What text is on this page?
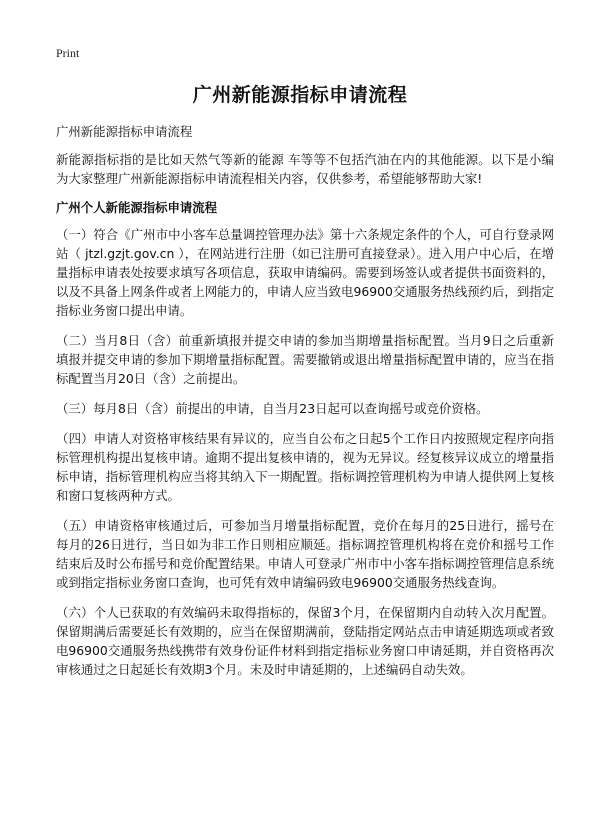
Print
广州新能源指标申请流程

广州新能源指标申请流程

新能源指标指的是比如天然气等新的能源 车等等不包括汽油在内的其他能源。以下是小编为大家整理广州新能源指标申请流程相关内容，仅供参考，希望能够帮助大家!

广州个人新能源指标申请流程

（一）符合《广州市中小客车总量调控管理办法》第十六条规定条件的个人，可自行登录网站（ jtzl.gzjt.gov.cn ），在网站进行注册（如已注册可直接登录）。进入用户中心后，在增量指标申请表处按要求填写各项信息，获取申请编码。需要到场签认或者提供书面资料的，以及不具备上网条件或者上网能力的，申请人应当致电96900交通服务热线预约后，到指定指标业务窗口提出申请。

（二）当月8日（含）前重新填报并提交申请的参加当期增量指标配置。当月9日之后重新填报并提交申请的参加下期增量指标配置。需要撤销或退出增量指标配置申请的，应当在指标配置当月20日（含）之前提出。

（三）每月8日（含）前提出的申请，自当月23日起可以查询摇号或竞价资格。

（四）申请人对资格审核结果有异议的，应当自公布之日起5个工作日内按照规定程序向指标管理机构提出复核申请。逾期不提出复核申请的，视为无异议。经复核异议成立的增量指标申请，指标管理机构应当将其纳入下一期配置。指标调控管理机构为申请人提供网上复核和窗口复核两种方式。

（五）申请资格审核通过后，可参加当月增量指标配置，竞价在每月的25日进行，摇号在每月的26日进行，当日如为非工作日则相应顺延。指标调控管理机构将在竞价和摇号工作结束后及时公布摇号和竞价配置结果。申请人可登录广州市中小客车指标调控管理信息系统或到指定指标业务窗口查询，也可凭有效申请编码致电96900交通服务热线查询。

（六）个人已获取的有效编码未取得指标的，保留3个月，在保留期内自动转入次月配置。保留期满后需要延长有效期的，应当在保留期满前，登陆指定网站点击申请延期选项或者致电96900交通服务热线携带有效身份证件材料到指定指标业务窗口申请延期，并自资格再次审核通过之日起延长有效期3个月。未及时申请延期的，上述编码自动失效。
